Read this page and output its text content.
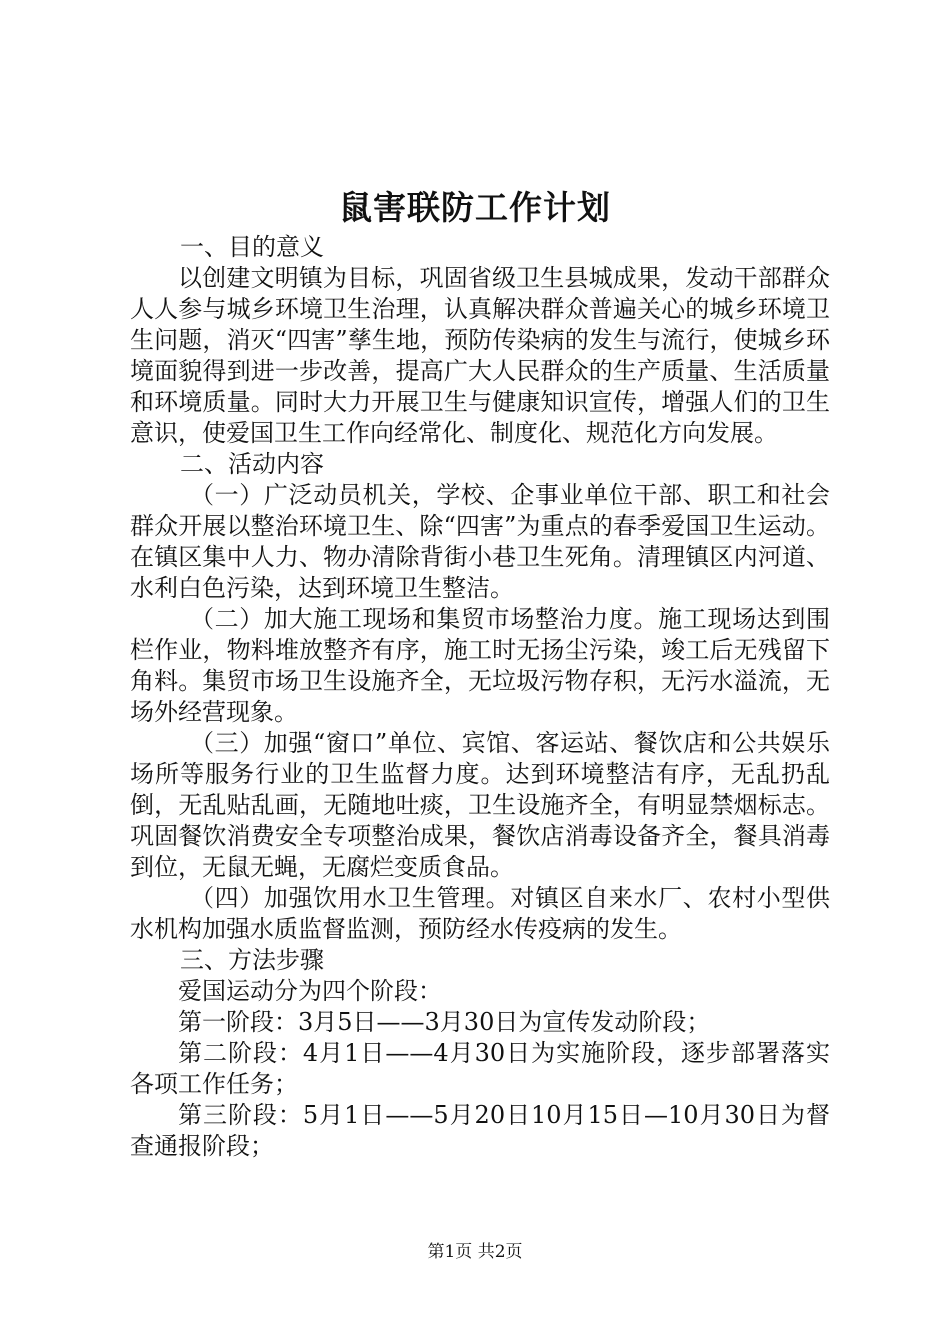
鼠害联防工作计划

一、目的意义

以创建文明镇为目标，巩固省级卫生县城成果，发动干部群众人人参与城乡环境卫生治理，认真解决群众普遍关心的城乡环境卫生问题，消灭“四害”孳生地，预防传染病的发生与流行，使城乡环境面貌得到进一步改善，提高广大人民群众的生产质量、生活质量和环境质量。同时大力开展卫生与健康知识宣传，增强人们的卫生意识，使爱国卫生工作向经常化、制度化、规范化方向发展。

二、活动内容

（一）广泛动员机关，学校、企事业单位干部、职工和社会群众开展以整治环境卫生、除“四害”为重点的春季爱国卫生运动。在镇区集中人力、物办清除背街小巷卫生死角。清理镇区内河道、水利白色污染，达到环境卫生整洁。

（二）加大施工现场和集贸市场整治力度。施工现场达到围栏作业，物料堆放整齐有序，施工时无扬尘污染，竣工后无残留下角料。集贸市场卫生设施齐全，无垃圾污物存积，无污水溢流，无场外经营现象。

（三）加强“窗口”单位、宾馆、客运站、餐饮店和公共娱乐场所等服务行业的卫生监督力度。达到环境整洁有序，无乱扔乱倒，无乱贴乱画，无随地吐痰，卫生设施齐全，有明显禁烟标志。巩固餐饮消费安全专项整治成果，餐饮店消毒设备齐全，餐具消毒到位，无鼠无蝇，无腐烂变质食品。

（四）加强饮用水卫生管理。对镇区自来水厂、农村小型供水机构加强水质监督监测，预防经水传疫病的发生。

三、方法步骤

爱国运动分为四个阶段：

第一阶段：3月5日——3月30日为宣传发动阶段；

第二阶段：4月1日——4月30日为实施阶段，逐步部署落实各项工作任务；

第三阶段：5月1日——5月20日10月15日—10月30日为督查通报阶段；

第1页 共2页
